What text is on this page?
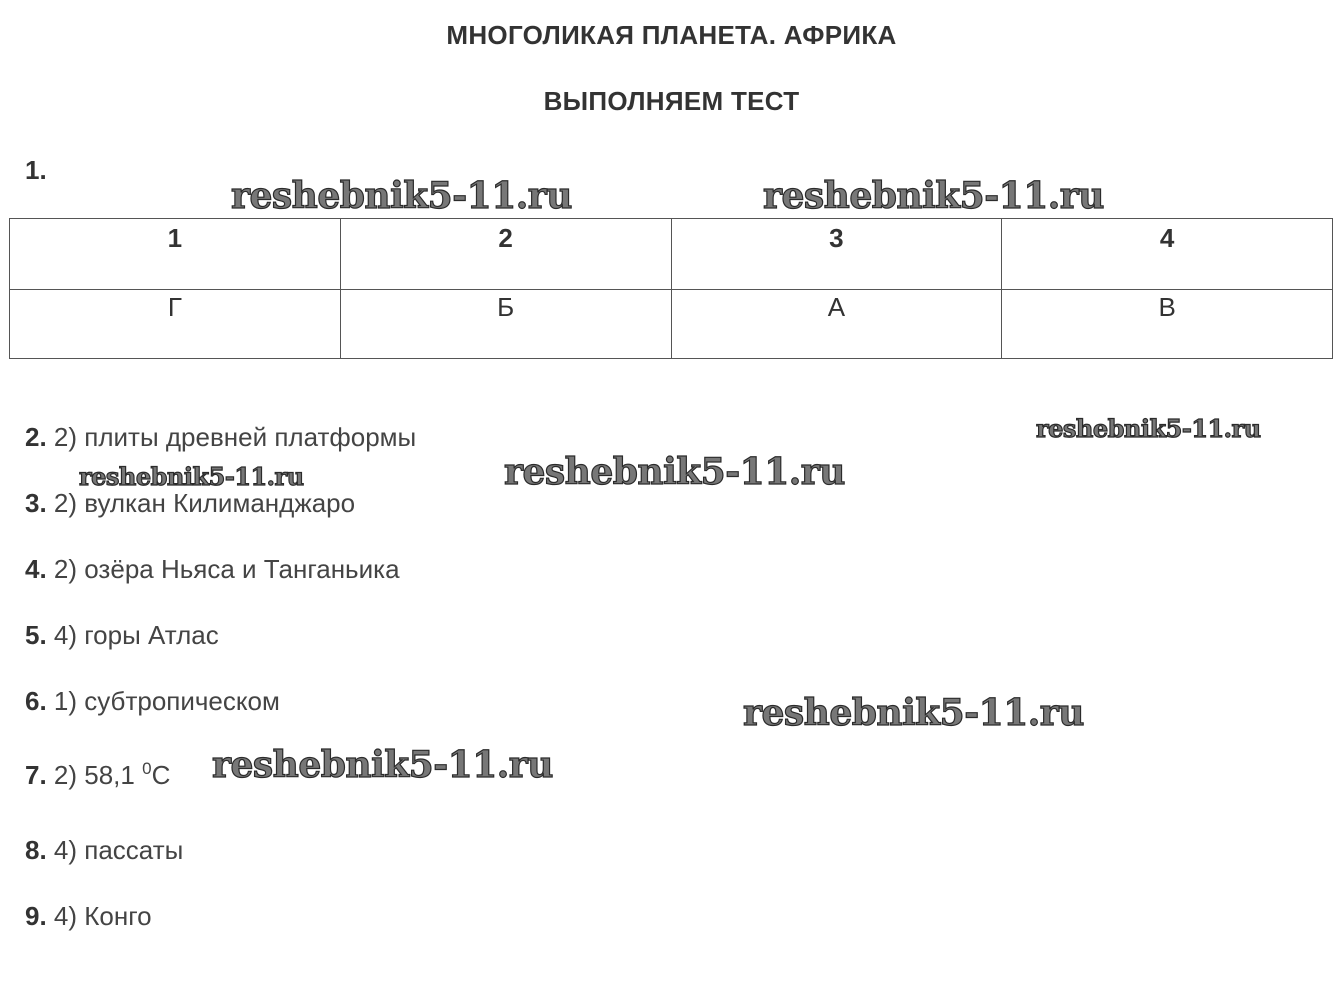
МНОГОЛИКАЯ ПЛАНЕТА. АФРИКА
ВЫПОЛНЯЕМ ТЕСТ
1.
1	2	3	4
Г	Б	А	В
2. 2) плиты древней платформы
3. 2) вулкан Килиманджаро
4. 2) озёра Ньяса и Танганьика
5. 4) горы Атлас
6. 1) субтропическом
7. 2) 58,1 $^0$С
8. 4) пассаты
9. 4) Конго
reshebnik5-11.ru	reshebnik5-11.ru
reshebnik5-11.ru
reshebnik5-11.ru	reshebnik5-11.ru
reshebnik5-11.ru
reshebnik5-11.ru
